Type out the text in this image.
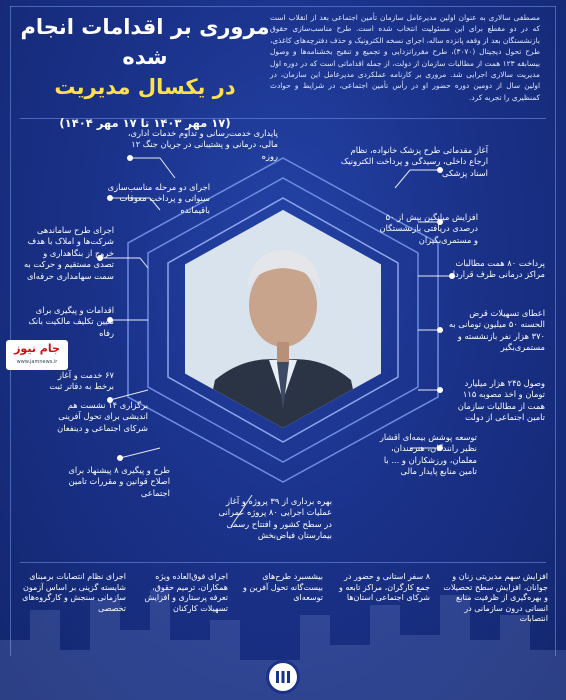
مروری بر اقدامات انجام شده
در یکسال مدیریت
(۱۷ مهر ۱۴۰۳ تا ۱۷ مهر ۱۴۰۴)
مصطفی سالاری به عنوان اولین مدیرعامل سازمان تأمین اجتماعی بعد از انقلاب است که در دو مقطع برای این مسئولیت انتخاب شده است. طرح مناسب‌سازی حقوق بازنشستگان بعد از وقفه پانزده ساله، اجرای نسخه الکترونیک و حذف دفترچه‌های کاغذی، طرح تحول دیجیتال (۳۰۷۰)، طرح مقرراتزدایی و تجمیع و تنقیح بخشنامه‌ها و وصول بیسابقه ۱۲۳ همت از مطالبات سازمان از دولت، از جمله اقداماتی است که در دوره اول مدیریت سالاری اجرایی شد. مروری بر کارنامه عملکردی مدیرعامل این سازمان، در اولین سال از دومین دوره حضور او در رأس تأمین اجتماعی، در شرایط و حوادث کمنظیری را تجربه کرد.
پایداری خدمت‌رسانی و تداوم خدمات اداری، مالی، درمانی و پشتیبانی در جریان جنگ ۱۲ روزه
اجرای دو مرحله مناسب‌سازی سنواتی و پرداخت معوقات باقیمانده
اجرای طرح ساماندهی شرکت‌ها و املاک با هدف خروج از بنگاهداری و تصدی مستقیم و حرکت به سمت سهامداری حرفه‌ای
اقدامات و پیگیری برای تعیین تکلیف مالکیت بانک رفاه
۶۷ خدمت و آغاز برخط به دفاتر ثبت
برگزاری ۱۴ نشست هم اندیشی برای تحول آفرینی شرکای اجتماعی و دینفعان
طرح و پیگیری ۸ پیشنهاد برای اصلاح قوانین و مقررات تامین اجتماعی
آغاز مقدماتی طرح پزشک خانواده، نظام ارجاع داخلی، رسیدگی و پرداخت الکترونیک اسناد پزشکی
افزایش میانگین بیش از ۵۰ درصدی دریافتی بازنشستگان و مستمری‌بگیران
پرداخت ۸۰ همت مطالبات مراکز درمانی طرف قرارداد
اعطای تسهیلات قرض الحسنه ۵۰ میلیون تومانی به ۳۷۰ هزار نفر بازنشسته و مستمری‌بگیر
وصول ۲۴۵ هزار میلیارد تومان و اخذ مصوبه ۱۱۵ همت از مطالبات سازمان تامین اجتماعی از دولت
توسعه پوشش بیمه‌ای اقشار نظیر رانندگان، هنرمندان، معلمان، ورزشکاران و ... با تامین منابع پایدار مالی
بهره برداری از ۳۹ پروژه و آغاز عملیات اجرایی ۸۰ پروژه عمرانی در سطح کشور و افتتاح رسمی بیمارستان فیاض‌بخش
افزایش سهم مدیریتی زنان و جوانان، افزایش سطح تحصیلات و بهره‌گیری از ظرفیت منابع انسانی درون سازمانی در انتصابات
۸ سفر استانی و حضور در جمع کارگران، مراکز تابعه و شرکای اجتماعی استان‌ها
بیشسبرد طرح‌های بیست‌گانه تحول آفرین و توسعه‌ای
اجرای فوق‌العاده ویژه همکاران، ترمیم حقوق، تعرفه پرستاری و افزایش تسهیلات کارکنان
اجرای نظام انتصابات برمبنای شایسته گزینی بر اساس آزمون سازمانی سنجش و کارگروه‌های تخصصی
جام نیوز
www.jamnews.ir
